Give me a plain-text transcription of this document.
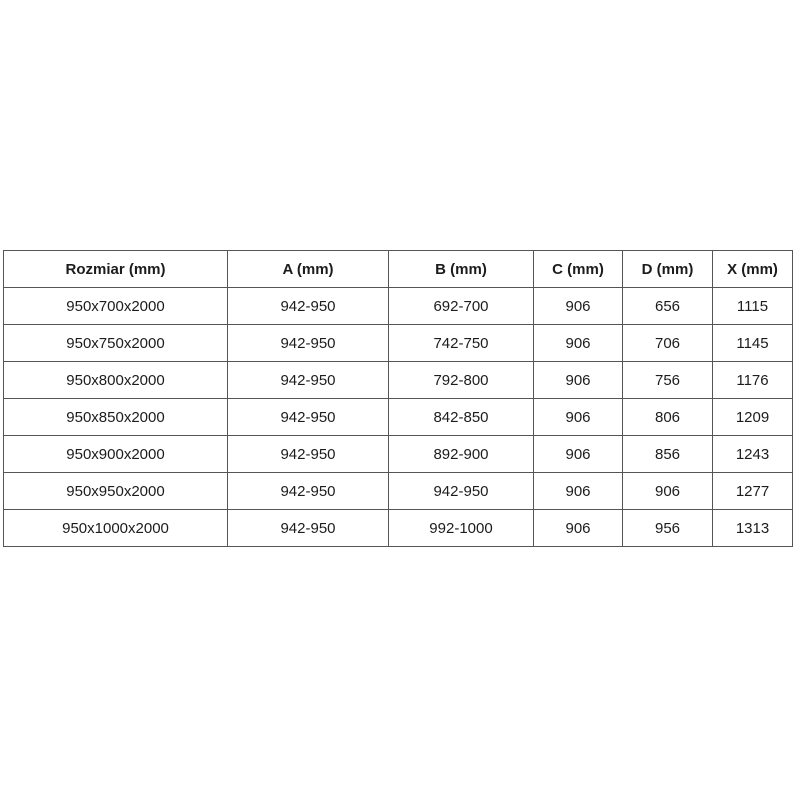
Rozmiar (mm)	A (mm)	B (mm)	C (mm)	D (mm)	X (mm)
950x700x2000	942-950	692-700	906	656	1115
950x750x2000	942-950	742-750	906	706	1145
950x800x2000	942-950	792-800	906	756	1176
950x850x2000	942-950	842-850	906	806	1209
950x900x2000	942-950	892-900	906	856	1243
950x950x2000	942-950	942-950	906	906	1277
950x1000x2000	942-950	992-1000	906	956	1313
